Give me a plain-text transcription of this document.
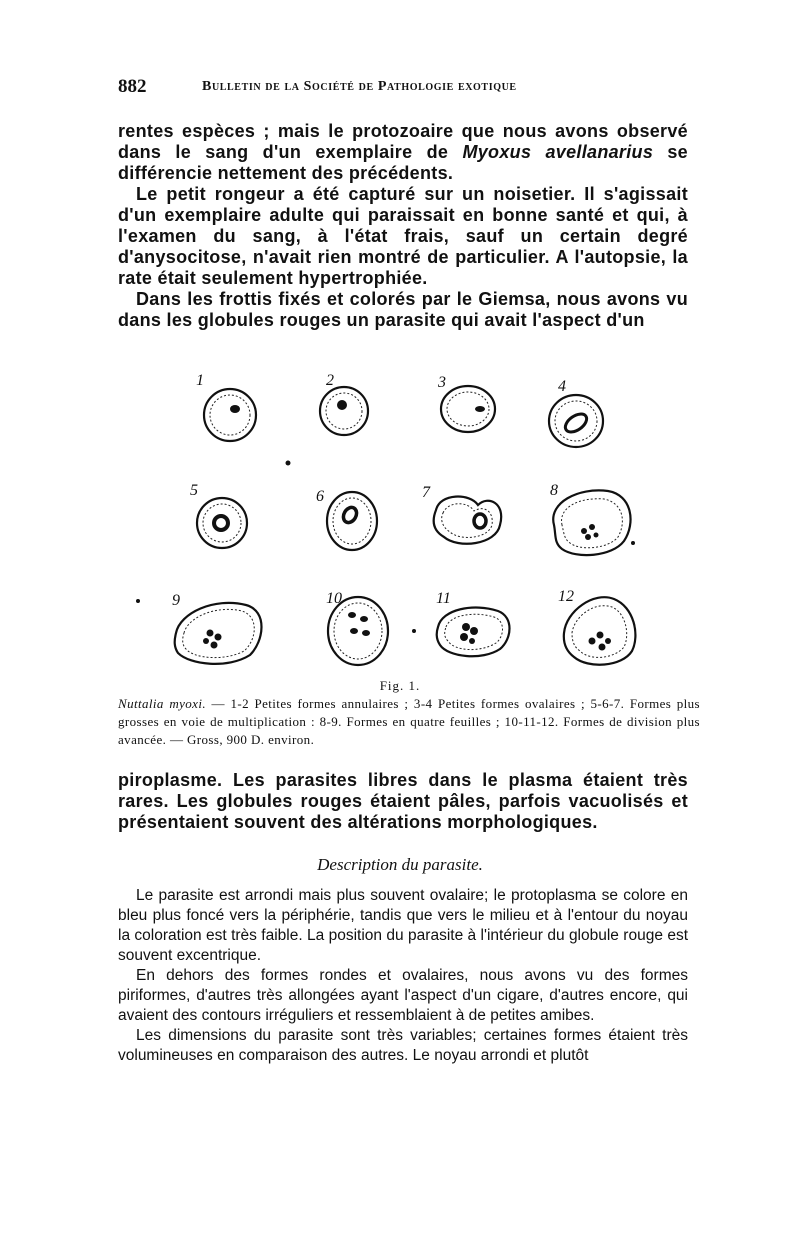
882	Bulletin de la Société de Pathologie exotique

rentes espèces ; mais le protozoaire que nous avons observé dans le sang d'un exemplaire de Myoxus avellanarius se différencie nettement des précédents.

Le petit rongeur a été capturé sur un noisetier. Il s'agissait d'un exemplaire adulte qui paraissait en bonne santé et qui, à l'examen du sang, à l'état frais, sauf un certain degré d'anysocitose, n'avait rien montré de particulier. A l'autopsie, la rate était seulement hypertrophiée.

Dans les frottis fixés et colorés par le Giemsa, nous avons vu dans les globules rouges un parasite qui avait l'aspect d'un

1	2	3	4
5	6	7	8
9	10	11	12
Fig. 1.
Nuttalia myoxi. — 1-2 Petites formes annulaires ; 3-4 Petites formes ovalaires ; 5-6-7. Formes plus grosses en voie de multiplication : 8-9. Formes en quatre feuilles ; 10-11-12. Formes de division plus avancée. — Gross, 900 D. environ.

piroplasme. Les parasites libres dans le plasma étaient très rares. Les globules rouges étaient pâles, parfois vacuolisés et présentaient souvent des altérations morphologiques.

Description du parasite.

Le parasite est arrondi mais plus souvent ovalaire; le protoplasma se colore en bleu plus foncé vers la périphérie, tandis que vers le milieu et à l'entour du noyau la coloration est très faible. La position du parasite à l'intérieur du globule rouge est souvent excentrique.

En dehors des formes rondes et ovalaires, nous avons vu des formes piriformes, d'autres très allongées ayant l'aspect d'un cigare, d'autres encore, qui avaient des contours irréguliers et ressemblaient à de petites amibes.

Les dimensions du parasite sont très variables; certaines formes étaient très volumineuses en comparaison des autres. Le noyau arrondi et plutôt
